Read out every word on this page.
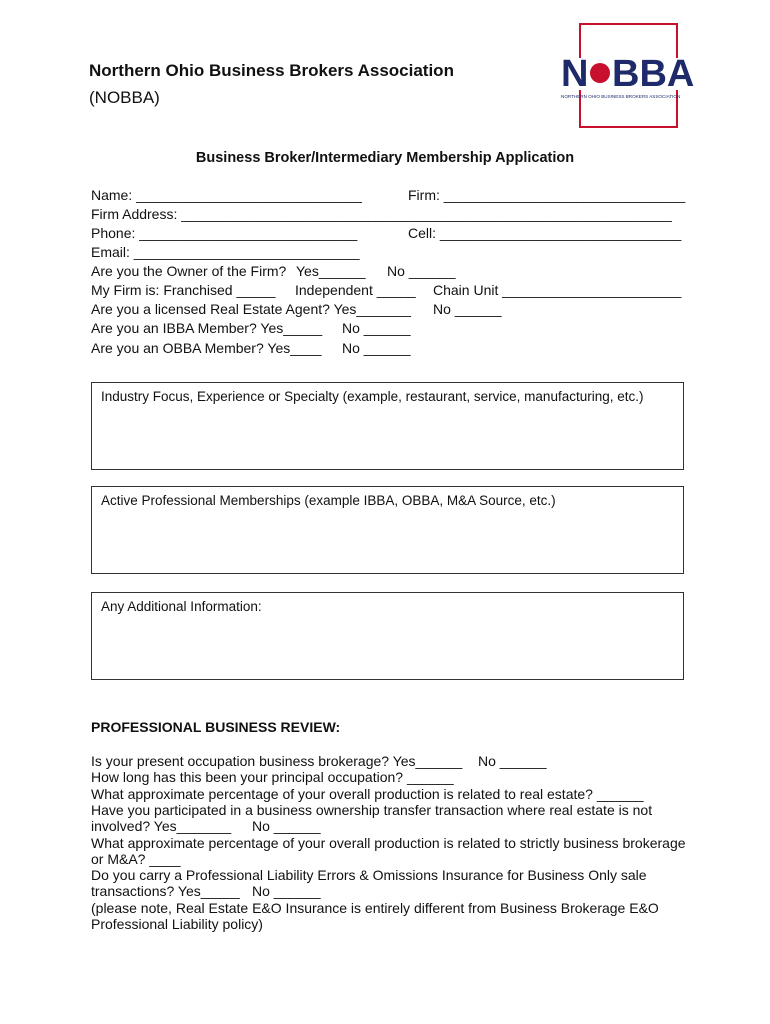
Northern Ohio Business Brokers Association
(NOBBA)
N BBA
NORTHERN OHIO BUSINESS BROKERS ASSOCIATION
Business Broker/Intermediary Membership Application
Name: _____________________________	Firm: _______________________________
Firm Address: _______________________________________________________________
Phone: ____________________________	Cell: _______________________________
Email: _____________________________
Are you the Owner of the Firm? Yes______ No ______
My Firm is: Franchised _____ Independent _____ Chain Unit _______________________
Are you a licensed Real Estate Agent? Yes_______ No ______
Are you an IBBA Member? Yes_____ No ______
Are you an OBBA Member? Yes____ No ______
Industry Focus, Experience or Specialty (example, restaurant, service, manufacturing, etc.)
Active Professional Memberships (example IBBA, OBBA, M&A Source, etc.)
Any Additional Information:
PROFESSIONAL BUSINESS REVIEW:
Is your present occupation business brokerage? Yes______ No ______
How long has this been your principal occupation? ______
What approximate percentage of your overall production is related to real estate? ______
Have you participated in a business ownership transfer transaction where real estate is not
involved? Yes_______ No ______
What approximate percentage of your overall production is related to strictly business brokerage
or M&A? ____
Do you carry a Professional Liability Errors & Omissions Insurance for Business Only sale
transactions? Yes_____ No ______
(please note, Real Estate E&O Insurance is entirely different from Business Brokerage E&O
Professional Liability policy)
